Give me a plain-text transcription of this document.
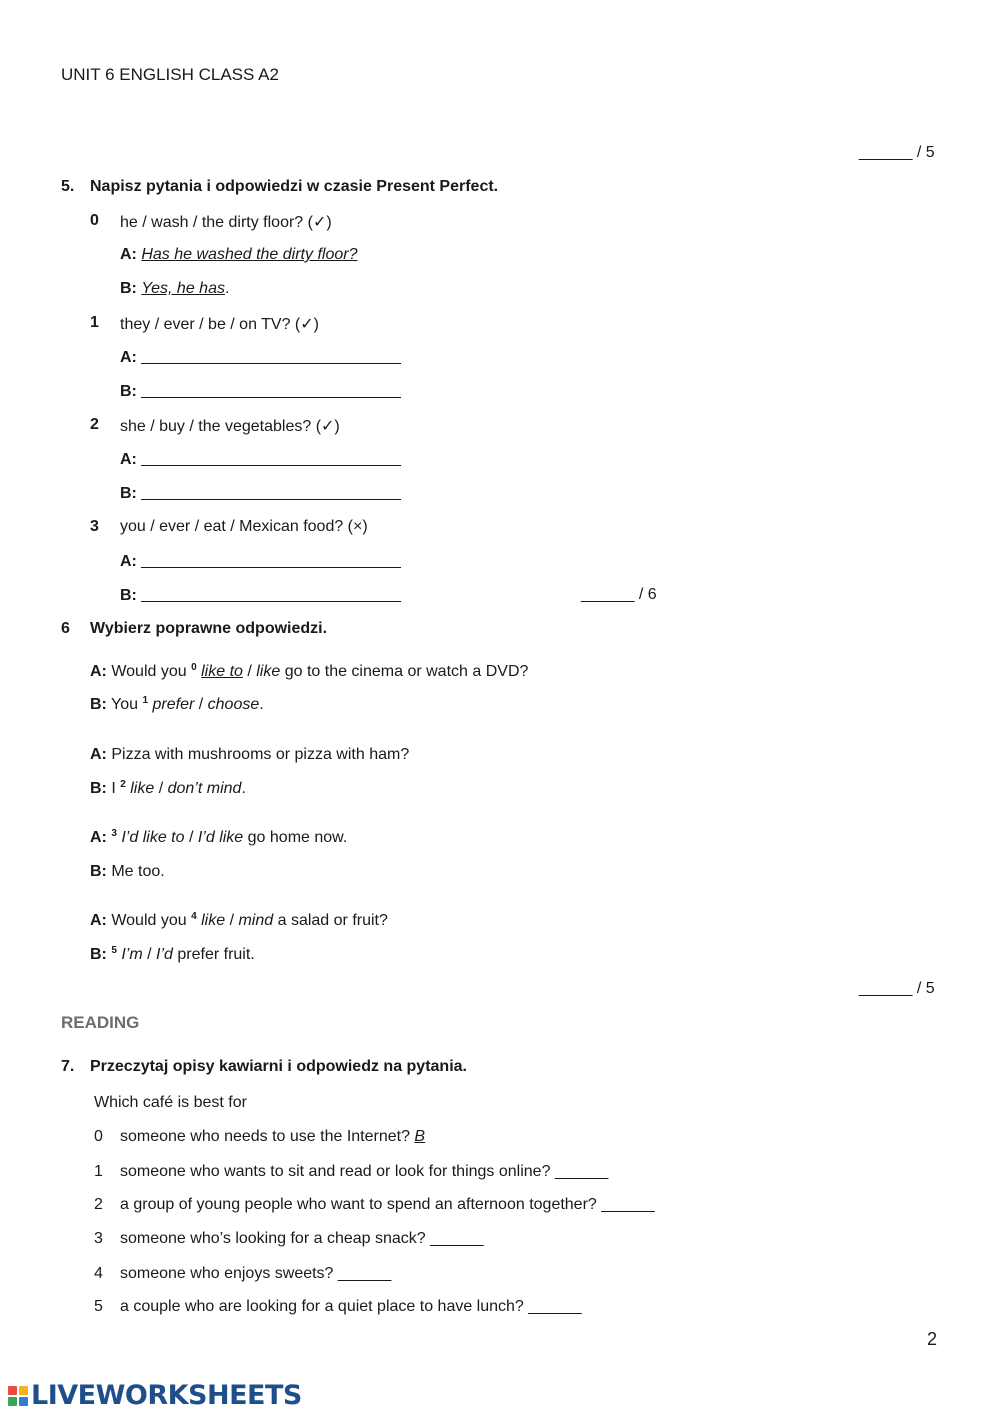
UNIT 6 ENGLISH CLASS A2
______ / 5
5. Napisz pytania i odpowiedzi w czasie Present Perfect.
0 he / wash / the dirty floor? (✓)
A: Has he washed the dirty floor?
B: Yes, he has.
1 they / ever / be / on TV? (✓)
A:
B:
2 she / buy / the vegetables? (✓)
A:
B:
3 you / ever / eat / Mexican food? (×)
A:
B:	______ / 6
6 Wybierz poprawne odpowiedzi.
A: Would you $^0$ like to / like go to the cinema or watch a DVD?
B: You $^1$ prefer / choose.
A: Pizza with mushrooms or pizza with ham?
B: I $^2$ like / don’t mind.
A: $^3$ I’d like to / I’d like go home now.
B: Me too.
A: Would you $^4$ like / mind a salad or fruit?
B: $^5$ I’m / I’d prefer fruit.
______ / 5
READING
7. Przeczytaj opisy kawiarni i odpowiedz na pytania.
Which café is best for
0 someone who needs to use the Internet? B
1 someone who wants to sit and read or look for things online? ______
2 a group of young people who want to spend an afternoon together? ______
3 someone who’s looking for a cheap snack? ______
4 someone who enjoys sweets? ______
5 a couple who are looking for a quiet place to have lunch? ______
2
LIVEWORKSHEETS
